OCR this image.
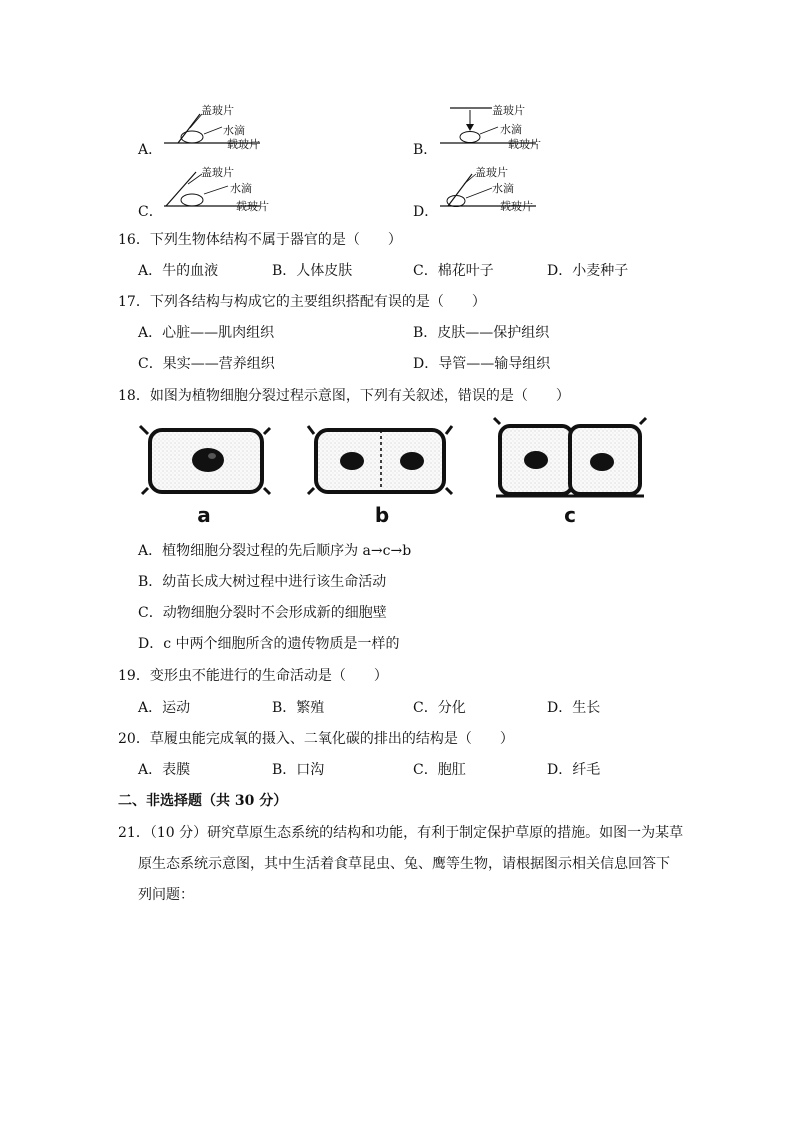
A．
盖玻片
水滴
载玻片	B．
盖玻片
水滴
载玻片
C．
盖玻片
水滴
载玻片	D．
盖玻片
水滴
载玻片
16．下列生物体结构不属于器官的是（　　）
A．牛的血液	B．人体皮肤	C．棉花叶子	D．小麦种子
17．下列各结构与构成它的主要组织搭配有误的是（　　）
A．心脏——肌肉组织	B．皮肤——保护组织
C．果实——营养组织	D．导管——输导组织
18．如图为植物细胞分裂过程示意图，下列有关叙述，错误的是（　　）
a	b	c
A．植物细胞分裂过程的先后顺序为 a→c→b
B．幼苗长成大树过程中进行该生命活动
C．动物细胞分裂时不会形成新的细胞壁
D．c 中两个细胞所含的遗传物质是一样的
19．变形虫不能进行的生命活动是（　　）
A．运动	B．繁殖	C．分化	D．生长
20．草履虫能完成氧的摄入、二氧化碳的排出的结构是（　　）
A．表膜	B．口沟	C．胞肛	D．纤毛
二、非选择题（共 30 分）
21．（10 分）研究草原生态系统的结构和功能，有利于制定保护草原的措施。如图一为某草
原生态系统示意图，其中生活着食草昆虫、兔、鹰等生物，请根据图示相关信息回答下
列问题：
